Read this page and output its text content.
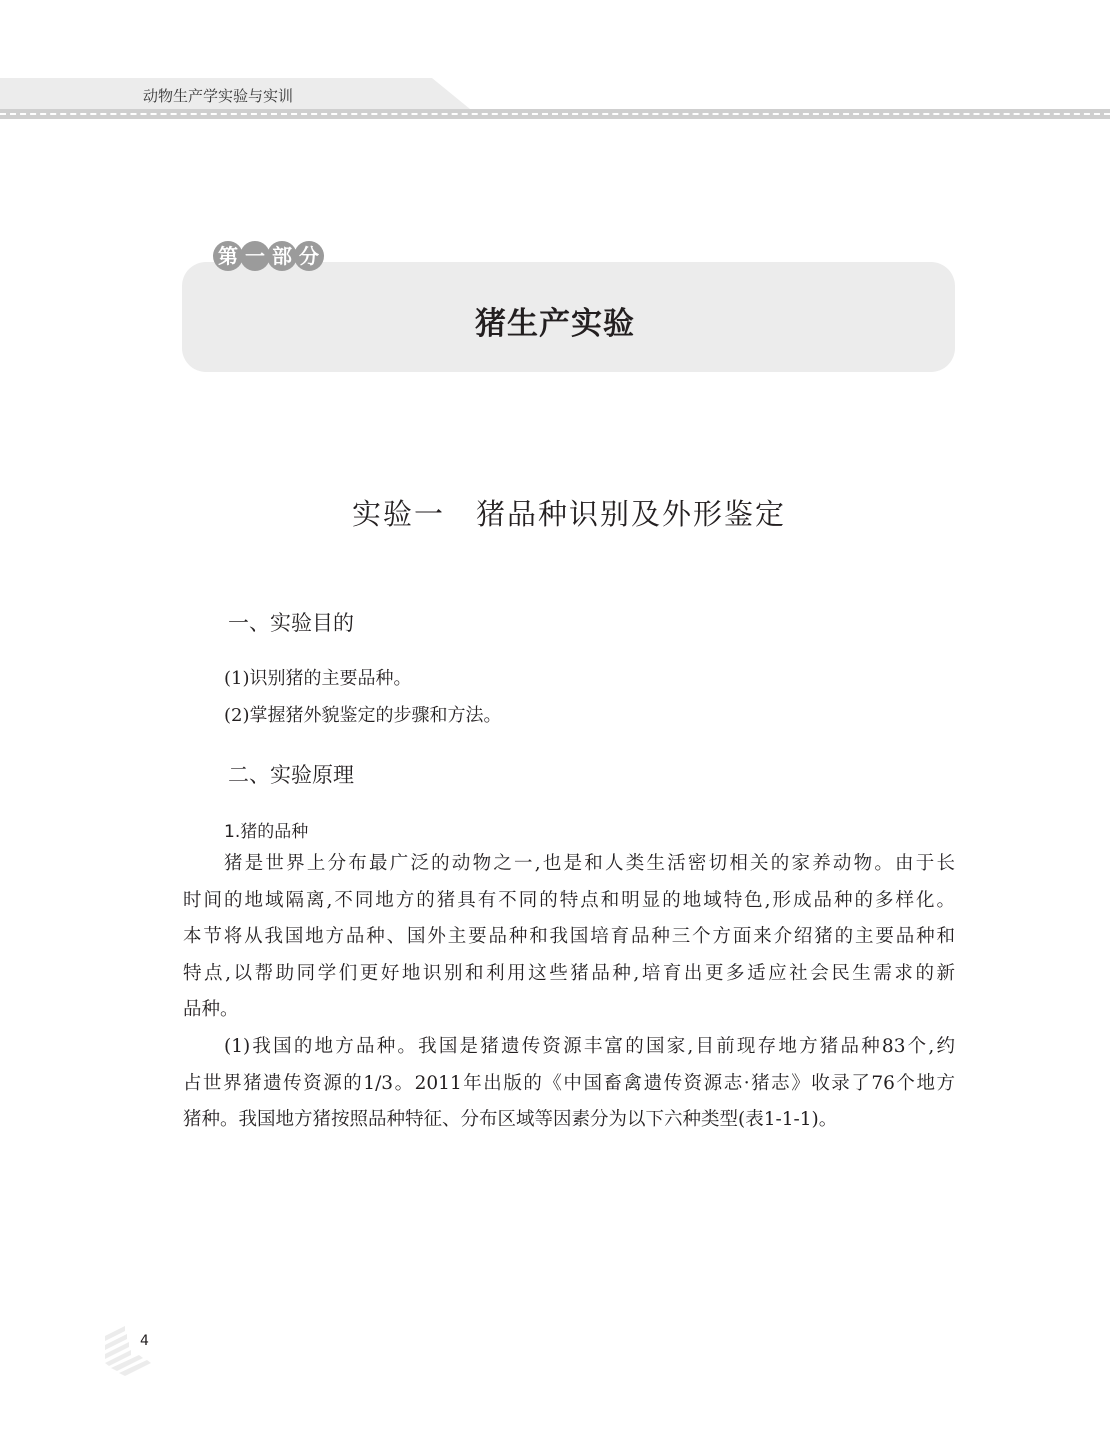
动物生产学实验与实训
第 一 部 分
猪生产实验
实验一　猪品种识别及外形鉴定
一、实验目的
(1)识别猪的主要品种。
(2)掌握猪外貌鉴定的步骤和方法。
二、实验原理
1.猪的品种
猪是世界上分布最广泛的动物之一,也是和人类生活密切相关的家养动物。由于长
时间的地域隔离,不同地方的猪具有不同的特点和明显的地域特色,形成品种的多样化。
本节将从我国地方品种、国外主要品种和我国培育品种三个方面来介绍猪的主要品种和
特点,以帮助同学们更好地识别和利用这些猪品种,培育出更多适应社会民生需求的新
品种。
(1)我国的地方品种。我国是猪遗传资源丰富的国家,目前现存地方猪品种83个,约
占世界猪遗传资源的1/3。2011年出版的《中国畜禽遗传资源志·猪志》收录了76个地方
猪种。我国地方猪按照品种特征、分布区域等因素分为以下六种类型(表1-1-1)。
4
